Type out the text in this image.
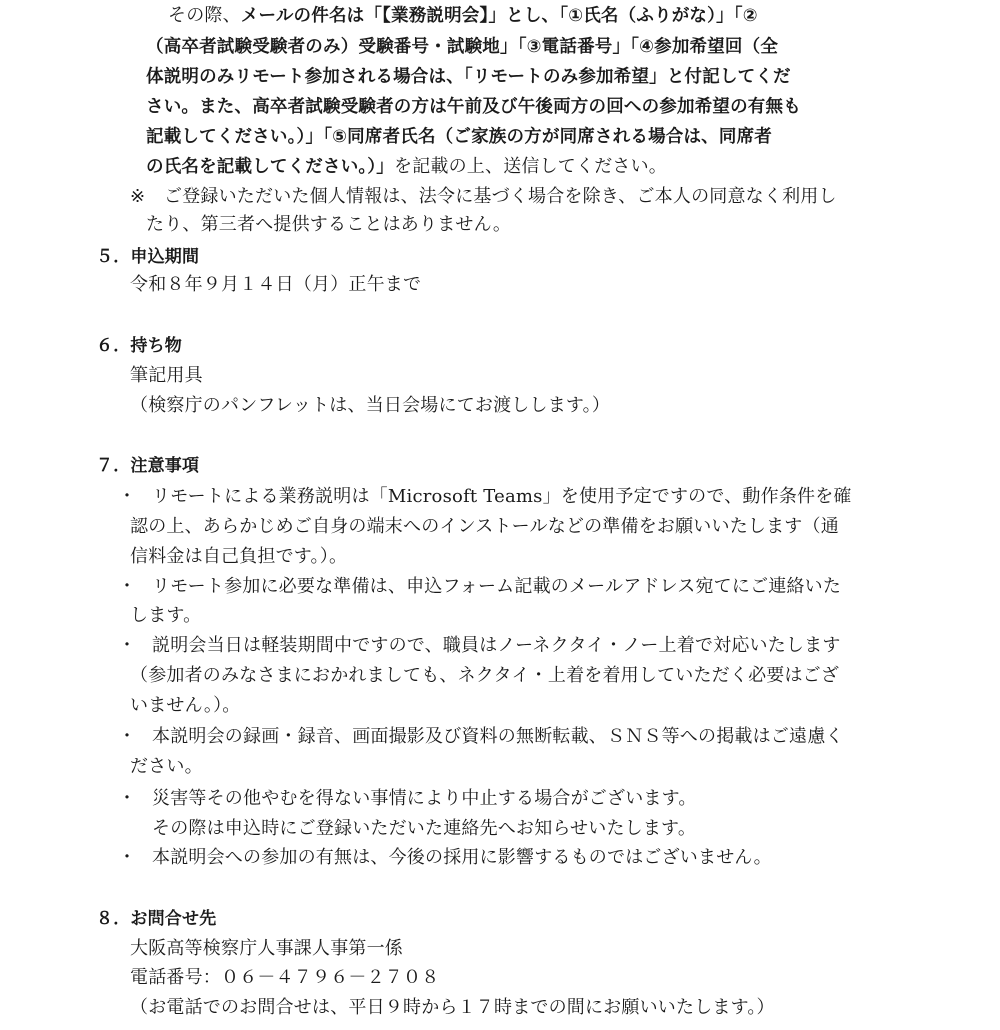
その際、メールの件名は「【業務説明会】」とし、「①氏名（ふりがな）」「②
（高卒者試験受験者のみ）受験番号・試験地」「③電話番号」「④参加希望回（全
体説明のみリモート参加される場合は、「リモートのみ参加希望」と付記してくだ
さい。また、高卒者試験受験者の方は午前及び午後両方の回への参加希望の有無も
記載してください。）」「⑤同席者氏名（ご家族の方が同席される場合は、同席者
の氏名を記載してください。）」を記載の上、送信してください。
※ ご登録いただいた個人情報は、法令に基づく場合を除き、ご本人の同意なく利用し
たり、第三者へ提供することはありません。
５．申込期間
令和８年９月１４日（月）正午まで
６．持ち物
筆記用具
（検察庁のパンフレットは、当日会場にてお渡しします。）
７．注意事項
・ リモートによる業務説明は「Microsoft Teams」を使用予定ですので、動作条件を確
認の上、あらかじめご自身の端末へのインストールなどの準備をお願いいたします（通
信料金は自己負担です。）。
・ リモート参加に必要な準備は、申込フォーム記載のメールアドレス宛てにご連絡いた
します。
・ 説明会当日は軽装期間中ですので、職員はノーネクタイ・ノー上着で対応いたします
（参加者のみなさまにおかれましても、ネクタイ・上着を着用していただく必要はござ
いません。）。
・ 本説明会の録画・録音、画面撮影及び資料の無断転載、ＳＮＳ等への掲載はご遠慮く
ださい。
・ 災害等その他やむを得ない事情により中止する場合がございます。
その際は申込時にご登録いただいた連絡先へお知らせいたします。
・ 本説明会への参加の有無は、今後の採用に影響するものではございません。
８．お問合せ先
大阪高等検察庁人事課人事第一係
電話番号：０６－４７９６－２７０８
（お電話でのお問合せは、平日９時から１７時までの間にお願いいたします。）
